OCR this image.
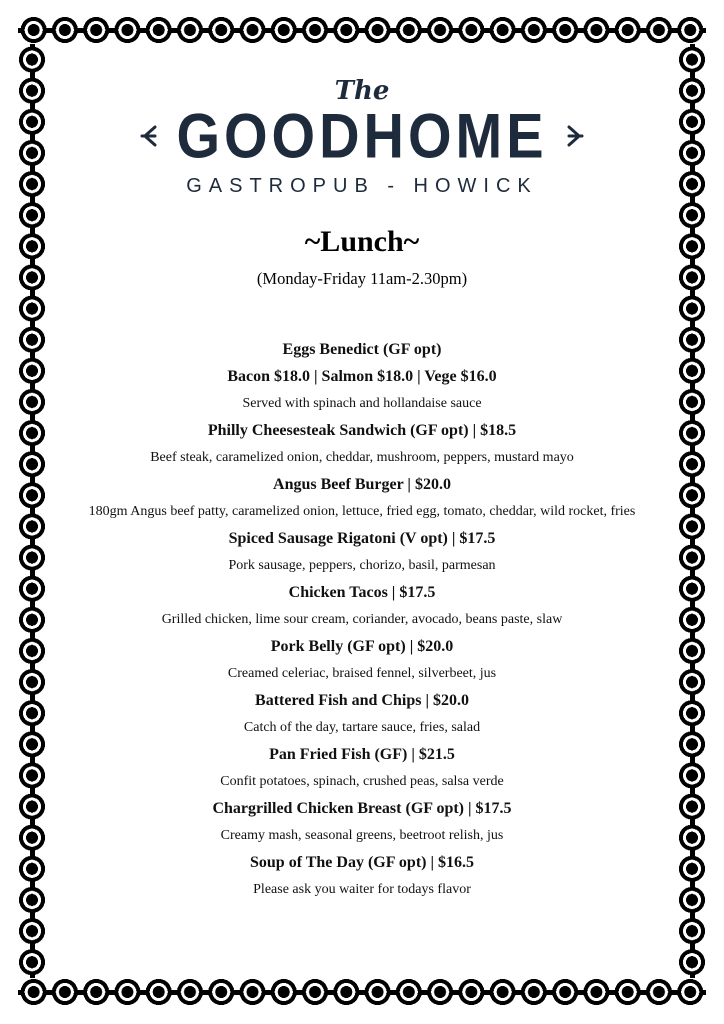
The
GOODHOME
GASTROPUB - HOWICK
~Lunch~
(Monday-Friday 11am-2.30pm)
Eggs Benedict (GF opt)
Bacon $18.0 | Salmon $18.0 | Vege $16.0
Served with spinach and hollandaise sauce
Philly Cheesesteak Sandwich (GF opt) | $18.5
Beef steak, caramelized onion, cheddar, mushroom, peppers, mustard mayo
Angus Beef Burger | $20.0
180gm Angus beef patty, caramelized onion, lettuce, fried egg, tomato, cheddar, wild rocket, fries
Spiced Sausage Rigatoni (V opt) | $17.5
Pork sausage, peppers, chorizo, basil, parmesan
Chicken Tacos | $17.5
Grilled chicken, lime sour cream, coriander, avocado, beans paste, slaw
Pork Belly (GF opt) | $20.0
Creamed celeriac, braised fennel, silverbeet, jus
Battered Fish and Chips | $20.0
Catch of the day, tartare sauce, fries, salad
Pan Fried Fish (GF) | $21.5
Confit potatoes, spinach, crushed peas, salsa verde
Chargrilled Chicken Breast (GF opt) | $17.5
Creamy mash, seasonal greens, beetroot relish, jus
Soup of The Day (GF opt) | $16.5
Please ask you waiter for todays flavor
